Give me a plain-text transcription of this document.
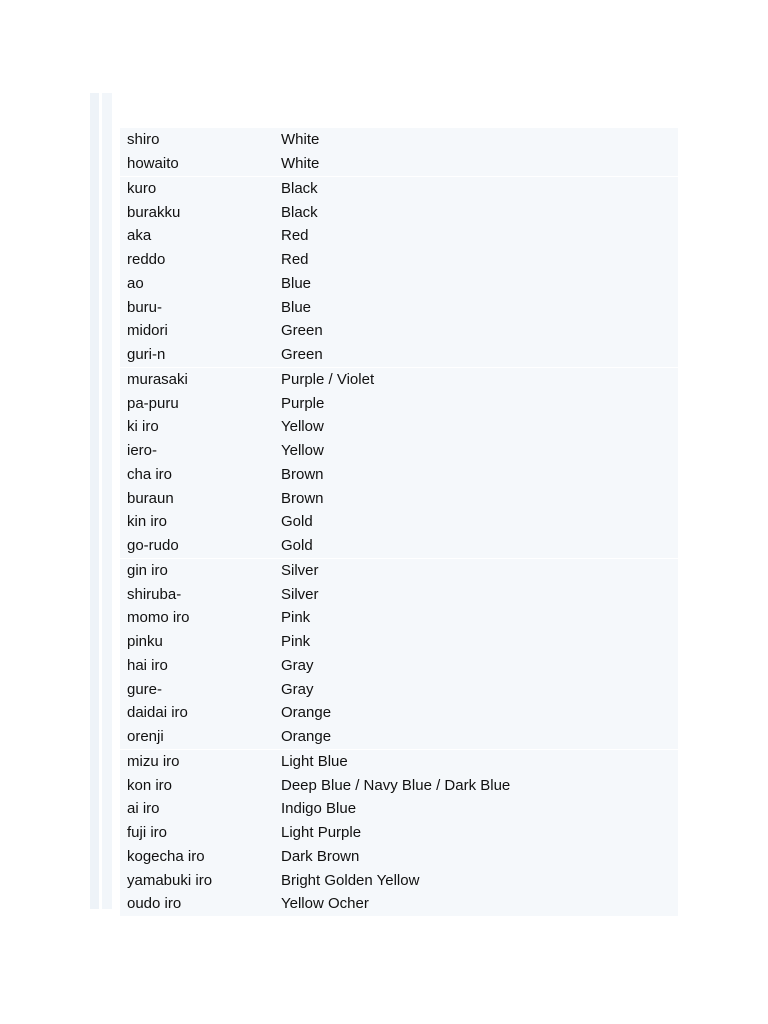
shiro	White
howaito	White
kuro	Black
burakku	Black
aka	Red
reddo	Red
ao	Blue
buru-	Blue
midori	Green
guri-n	Green
murasaki	Purple / Violet
pa-puru	Purple
ki iro	Yellow
iero-	Yellow
cha iro	Brown
buraun	Brown
kin iro	Gold
go-rudo	Gold
gin iro	Silver
shiruba-	Silver
momo iro	Pink
pinku	Pink
hai iro	Gray
gure-	Gray
daidai iro	Orange
orenji	Orange
mizu iro	Light Blue
kon iro	Deep Blue / Navy Blue / Dark Blue
ai iro	Indigo Blue
fuji iro	Light Purple
kogecha iro	Dark Brown
yamabuki iro	Bright Golden Yellow
oudo iro	Yellow Ocher
